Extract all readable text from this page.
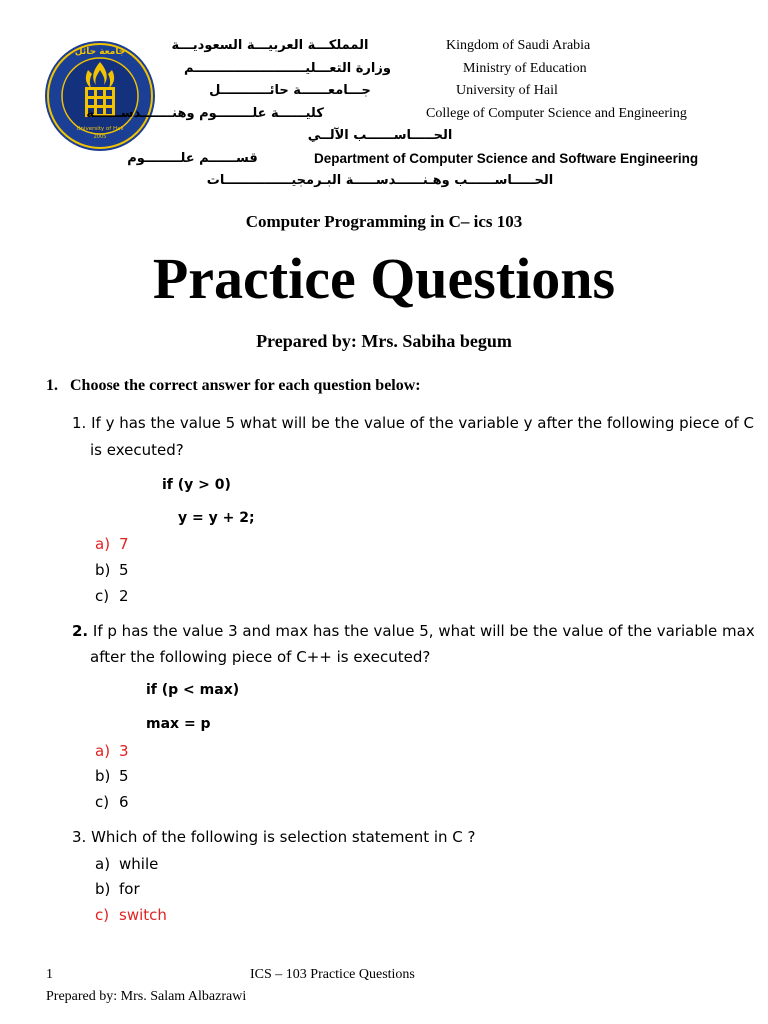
جامعة حائل
University of Hail
2005
المملكـــة العربيـــة السعوديـــة
وزارة التعـــليـــــــــــــــــــــــــم
جـــامعــــــة حائـــــــــــل
كليــــــة علــــــــوم وهنـــــــدســــــة
الحـــــاســــــب الآلــي
قســــــم علــــــــوم
الحـــــاســــــب وهـنــــــدســـــة البـرمجيـــــــــــــــات
Kingdom of Saudi Arabia
Ministry of Education
University of Hail
College of Computer Science and Engineering
Department of Computer Science and Software Engineering
Computer Programming in C– ics 103
Practice Questions
Prepared by: Mrs. Sabiha begum
1. Choose the correct answer for each question below:
1. If y has the value 5 what will be the value of the variable y after the following piece of C
is executed?
if (y > 0)
y = y + 2;
a) 7
b) 5
c) 2
2. If p has the value 3 and max has the value 5, what will be the value of the variable max
after the following piece of C++ is executed?
if (p < max)
max = p
a) 3
b) 5
c) 6
3. Which of the following is selection statement in C ?
a) while
b) for
c) switch
1	ICS – 103 Practice Questions
Prepared by: Mrs. Salam Albazrawi
